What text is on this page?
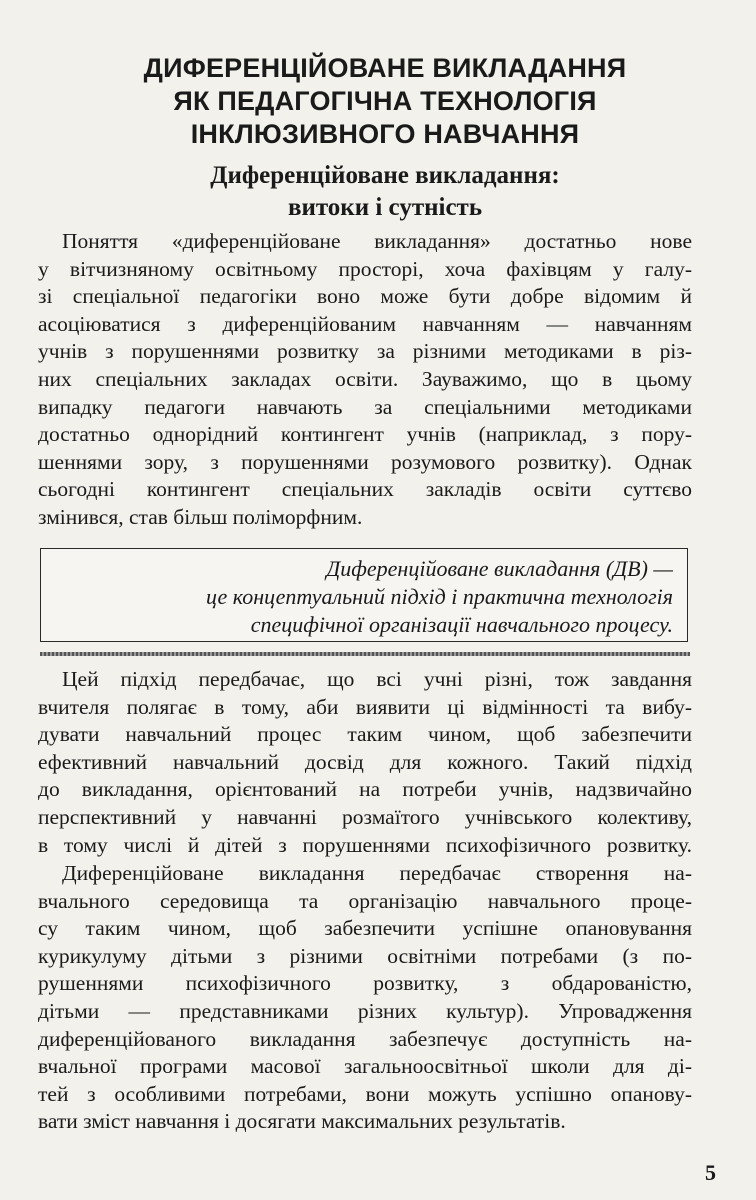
ДИФЕРЕНЦІЙОВАНЕ ВИКЛАДАННЯ
ЯК ПЕДАГОГІЧНА ТЕХНОЛОГІЯ
ІНКЛЮЗИВНОГО НАВЧАННЯ
Диференційоване викладання:
витоки і сутність
Поняття «диференційоване викладання» достатньо нове
у вітчизняному освітньому просторі, хоча фахівцям у галу-
зі спеціальної педагогіки воно може бути добре відомим й
асоціюватися з диференційованим навчанням — навчанням
учнів з порушеннями розвитку за різними методиками в різ-
них спеціальних закладах освіти. Зауважимо, що в цьому
випадку педагоги навчають за спеціальними методиками
достатньо однорідний контингент учнів (наприклад, з пору-
шеннями зору, з порушеннями розумового розвитку). Однак
сьогодні контингент спеціальних закладів освіти суттєво
змінився, став більш поліморфним.
Диференційоване викладання (ДВ) —
це концептуальний підхід і практична технологія
специфічної організації навчального процесу.
Цей підхід передбачає, що всі учні різні, тож завдання
вчителя полягає в тому, аби виявити ці відмінності та вибу-
дувати навчальний процес таким чином, щоб забезпечити
ефективний навчальний досвід для кожного. Такий підхід
до викладання, орієнтований на потреби учнів, надзвичайно
перспективний у навчанні розмаїтого учнівського колективу,
в тому числі й дітей з порушеннями психофізичного розвитку.
Диференційоване викладання передбачає створення на-
вчального середовища та організацію навчального проце-
су таким чином, щоб забезпечити успішне опановування
курикулуму дітьми з різними освітніми потребами (з по-
рушеннями психофізичного розвитку, з обдарованістю,
дітьми — представниками різних культур). Упровадження
диференційованого викладання забезпечує доступність на-
вчальної програми масової загальноосвітньої школи для ді-
тей з особливими потребами, вони можуть успішно опанову-
вати зміст навчання і досягати максимальних результатів.
5
